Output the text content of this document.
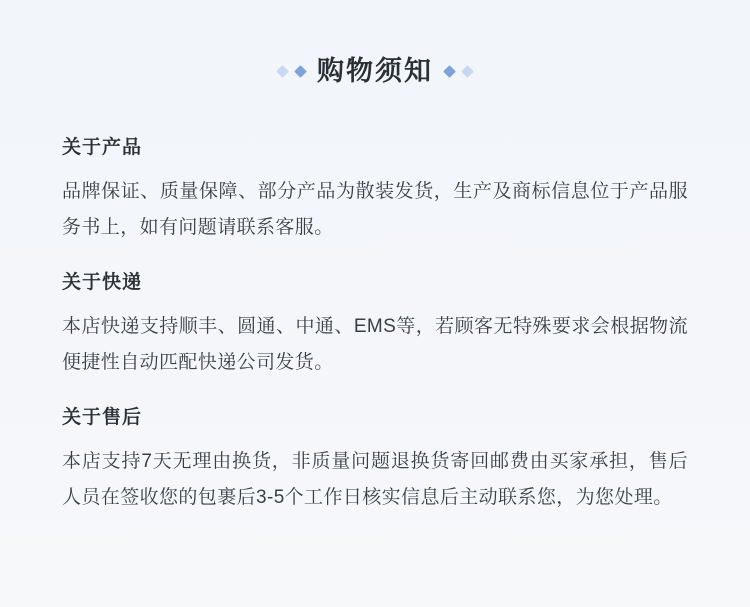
购物须知
关于产品

品牌保证、质量保障、部分产品为散装发货，生产及商标信息位于产品服务书上，如有问题请联系客服。

关于快递

本店快递支持顺丰、圆通、中通、EMS等，若顾客无特殊要求会根据物流便捷性自动匹配快递公司发货。

关于售后

本店支持7天无理由换货，非质量问题退换货寄回邮费由买家承担，售后人员在签收您的包裹后3-5个工作日核实信息后主动联系您，为您处理。
